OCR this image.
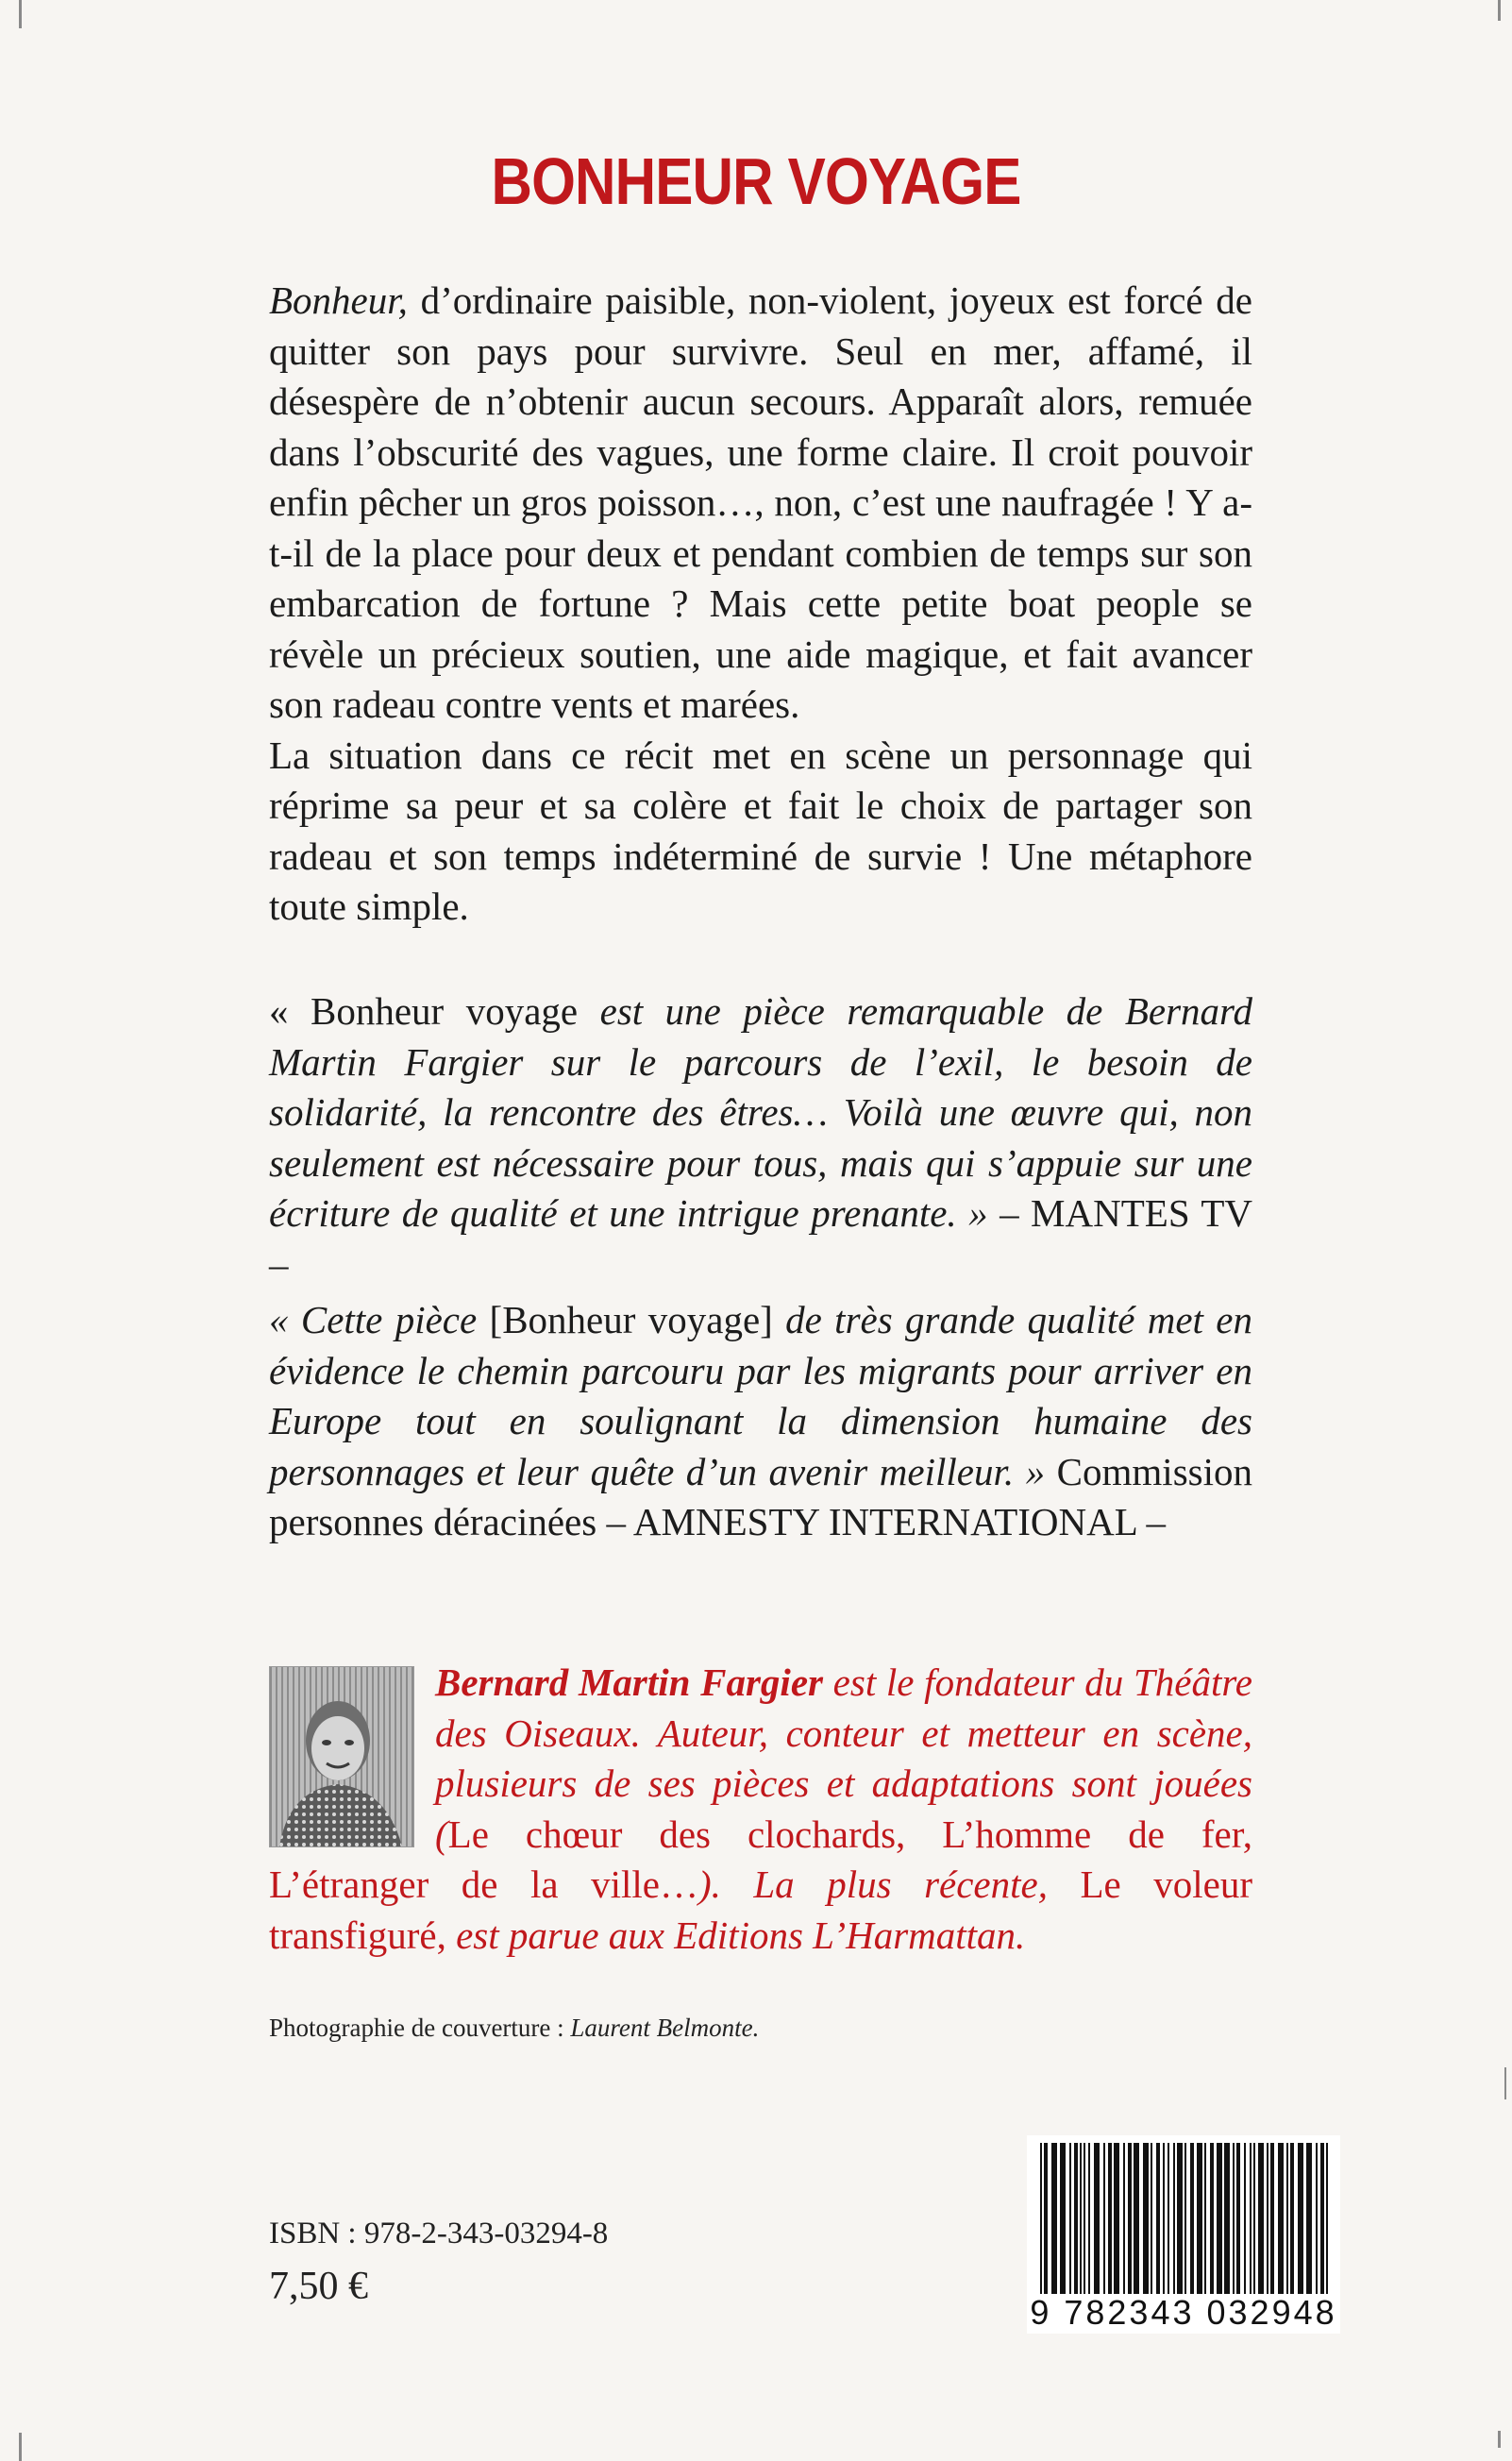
BONHEUR VOYAGE

Bonheur, d’ordinaire paisible, non-violent, joyeux est forcé de quitter son pays pour survivre. Seul en mer, affamé, il désespère de n’obtenir aucun secours. Apparaît alors, remuée dans l’obscurité des vagues, une forme claire. Il croit pouvoir enfin pêcher un gros poisson…, non, c’est une naufragée ! Y a-t-il de la place pour deux et pendant combien de temps sur son embarcation de fortune ? Mais cette petite boat people se révèle un précieux soutien, une aide magique, et fait avancer son radeau contre vents et marées.

La situation dans ce récit met en scène un personnage qui réprime sa peur et sa colère et fait le choix de partager son radeau et son temps indéterminé de survie ! Une métaphore toute simple.

« Bonheur voyage est une pièce remarquable de Bernard Martin Fargier sur le parcours de l’exil, le besoin de solidarité, la rencontre des êtres… Voilà une œuvre qui, non seulement est nécessaire pour tous, mais qui s’appuie sur une écriture de qualité et une intrigue prenante. » – MANTES TV –

« Cette pièce [Bonheur voyage] de très grande qualité met en évidence le chemin parcouru par les migrants pour arriver en Europe tout en soulignant la dimension humaine des personnages et leur quête d’un avenir meilleur. » Commission personnes déracinées – AMNESTY INTERNATIONAL –

Bernard Martin Fargier est le fondateur du Théâtre des Oiseaux. Auteur, conteur et metteur en scène, plusieurs de ses pièces et adaptations sont jouées (Le chœur des clochards, L’homme de fer, L’étranger de la ville…). La plus récente, Le voleur transfiguré, est parue aux Editions L’Harmattan.
Photographie de couverture : Laurent Belmonte.
ISBN : 978-2-343-03294-8
7,50 €
9 782343 032948
